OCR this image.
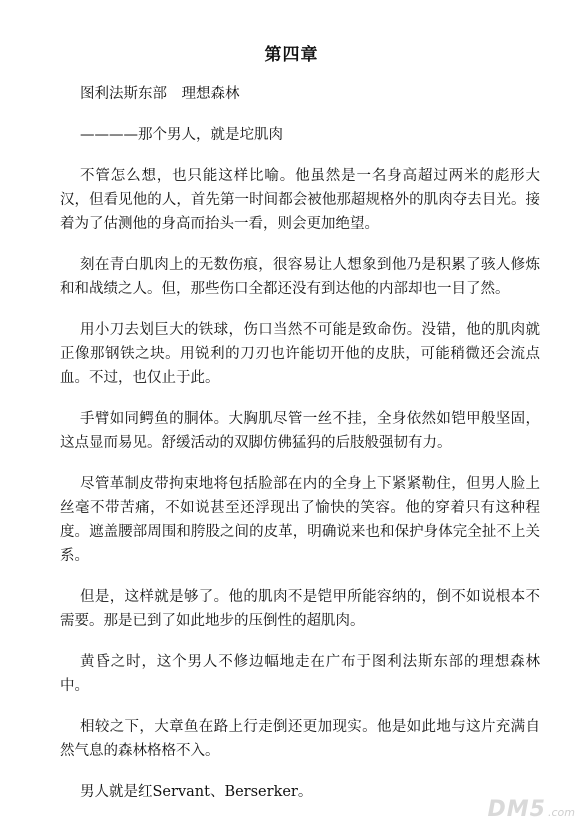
第四章

图利法斯东部　理想森林

————那个男人，就是坨肌肉

不管怎么想，也只能这样比喻。他虽然是一名身高超过两米的彪形大汉，但看见他的人，首先第一时间都会被他那超规格外的肌肉夺去目光。接着为了估测他的身高而抬头一看，则会更加绝望。

刻在青白肌肉上的无数伤痕，很容易让人想象到他乃是积累了骇人修炼和和战绩之人。但，那些伤口全都还没有到达他的内部却也一目了然。

用小刀去划巨大的铁球，伤口当然不可能是致命伤。没错，他的肌肉就正像那钢铁之块。用锐利的刀刃也许能切开他的皮肤，可能稍微还会流点血。不过，也仅止于此。

手臂如同鳄鱼的胴体。大胸肌尽管一丝不挂，全身依然如铠甲般坚固，这点显而易见。舒缓活动的双脚仿佛猛犸的后肢般强韧有力。

尽管革制皮带拘束地将包括脸部在内的全身上下紧紧勒住，但男人脸上丝毫不带苦痛，不如说甚至还浮现出了愉快的笑容。他的穿着只有这种程度。遮盖腰部周围和胯股之间的皮革，明确说来也和保护身体完全扯不上关系。

但是，这样就是够了。他的肌肉不是铠甲所能容纳的，倒不如说根本不需要。那是已到了如此地步的压倒性的超肌肉。

黄昏之时，这个男人不修边幅地走在广布于图利法斯东部的理想森林中。

相较之下，大章鱼在路上行走倒还更加现实。他是如此地与这片充满自然气息的森林格格不入。

男人就是红Servant、Berserker。

DM5 .com
